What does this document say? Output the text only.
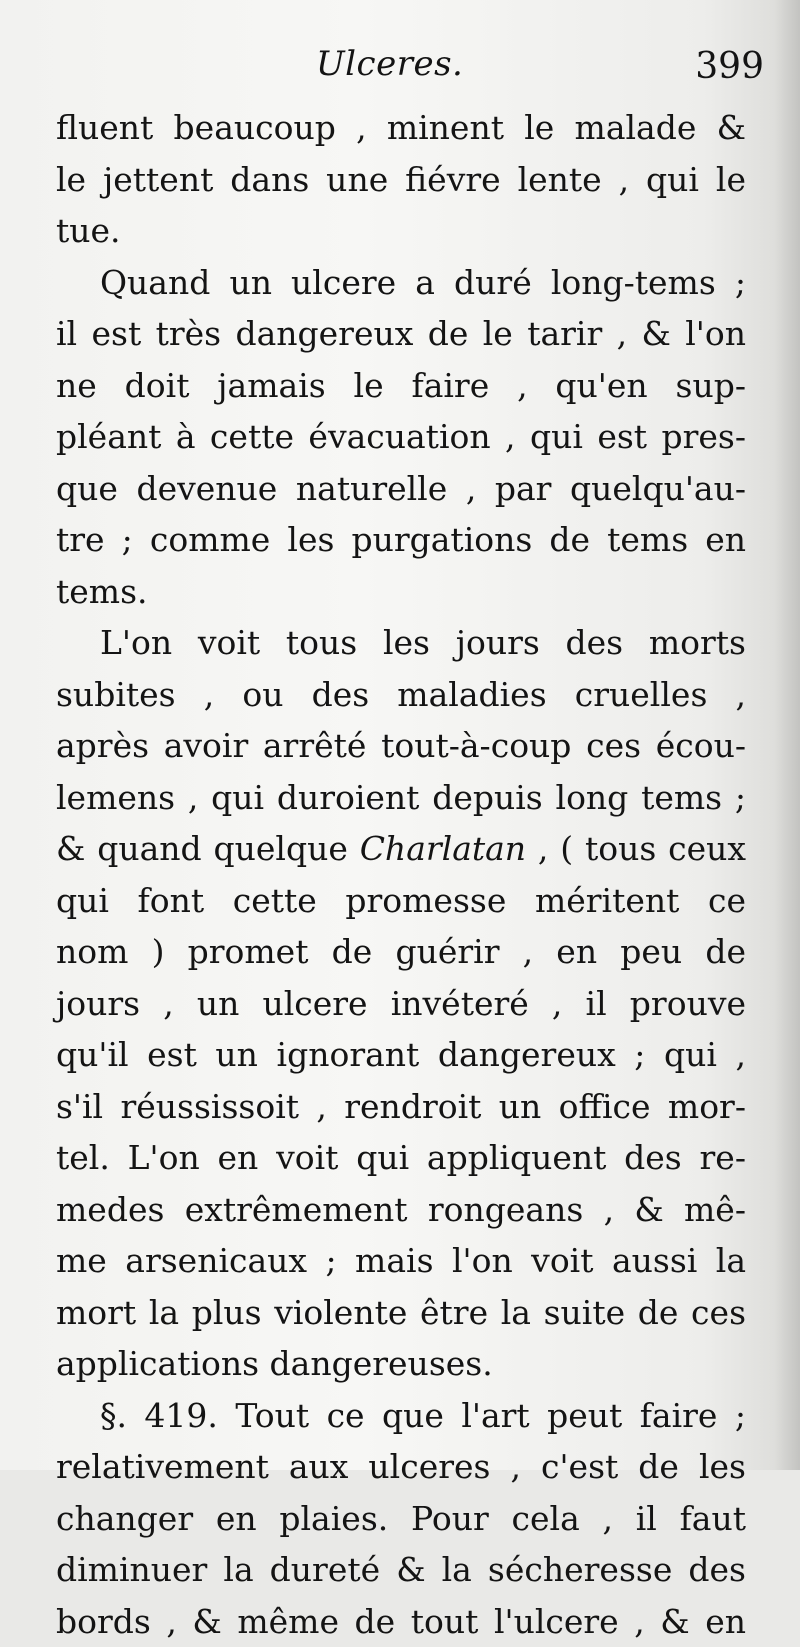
Ulceres.	399
fluent beaucoup , minent le malade &
le jettent dans une fiévre lente , qui le
tue.
Quand un ulcere a duré long-tems ;
il est très dangereux de le tarir , & l'on
ne doit jamais le faire , qu'en sup-
pléant à cette évacuation , qui est pres-
que devenue naturelle , par quelqu'au-
tre ; comme les purgations de tems en
tems.
L'on voit tous les jours des morts
subites , ou des maladies cruelles ,
après avoir arrêté tout-à-coup ces écou-
lemens , qui duroient depuis long tems ;
& quand quelque Charlatan , ( tous ceux
qui font cette promesse méritent ce
nom ) promet de guérir , en peu de
jours , un ulcere invéteré , il prouve
qu'il est un ignorant dangereux ; qui ,
s'il réussissoit , rendroit un office mor-
tel. L'on en voit qui appliquent des re-
medes extrêmement rongeans , & mê-
me arsenicaux ; mais l'on voit aussi la
mort la plus violente être la suite de ces
applications dangereuses.
§. 419. Tout ce que l'art peut faire ;
relativement aux ulceres , c'est de les
changer en plaies. Pour cela , il faut
diminuer la dureté & la sécheresse des
bords , & même de tout l'ulcere , & en
